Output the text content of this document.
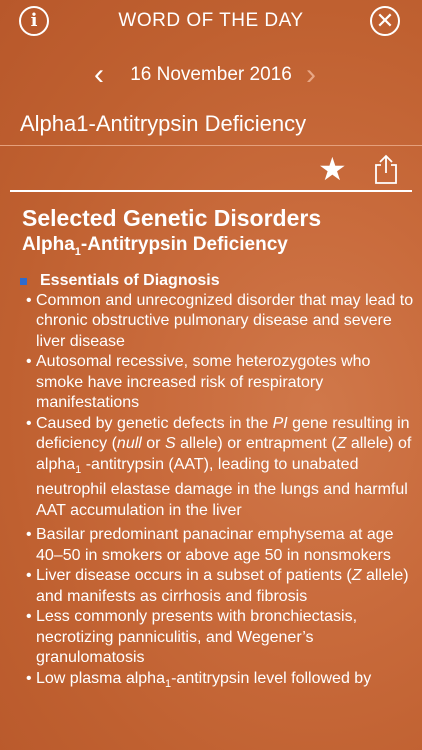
i	WORD OF THE DAY	✕
‹	16 November 2016 ›
Alpha1-Antitrypsin Deficiency
★
Selected Genetic Disorders
Alpha$_1$-Antitrypsin Deficiency
Essentials of Diagnosis
• Common and unrecognized disorder that may lead to chronic obstructive pulmonary disease and severe liver disease
• Autosomal recessive, some heterozygotes who smoke have increased risk of respiratory manifestations
• Caused by genetic defects in the PI gene resulting in deficiency (null or S allele) or entrapment (Z allele) of alpha$_1$ -antitrypsin (AAT), leading to unabated neutrophil elastase damage in the lungs and harmful AAT accumulation in the liver
• Basilar predominant panacinar emphysema at age 40–50 in smokers or above age 50 in nonsmokers
• Liver disease occurs in a subset of patients (Z allele) and manifests as cirrhosis and fibrosis
• Less commonly presents with bronchiectasis, necrotizing panniculitis, and Wegener’s granulomatosis
• Low plasma alpha$_1$-antitrypsin level followed by
